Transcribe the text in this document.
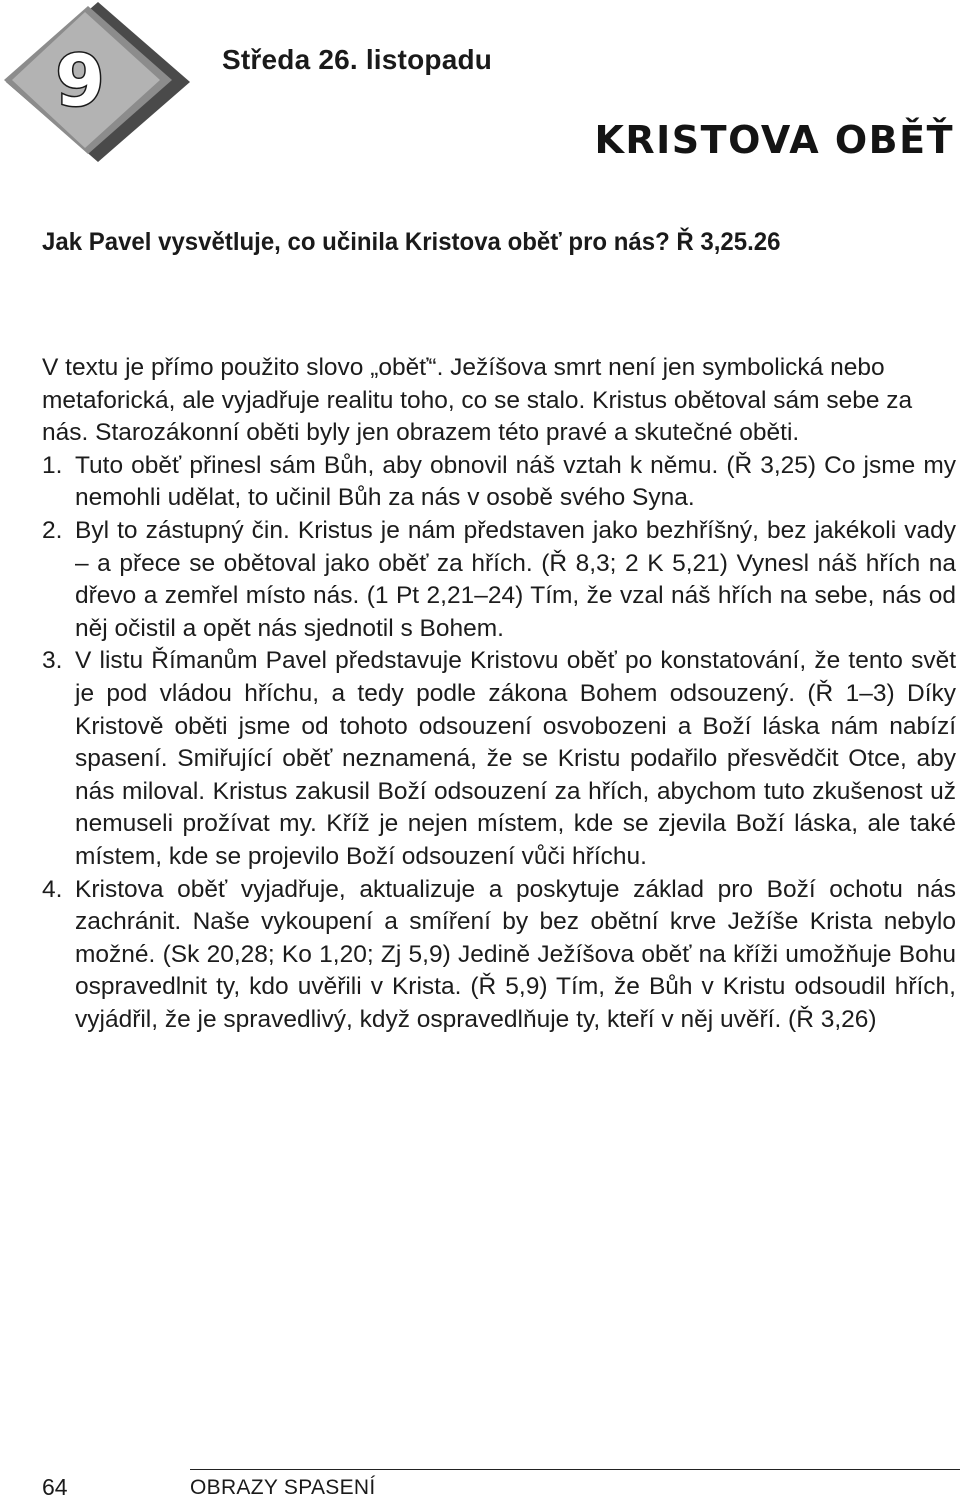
9	Středa 26. listopadu
KRISTOVA OBĚŤ
Jak Pavel vysvětluje, co učinila Kristova oběť pro nás? Ř 3,25.26

V textu je přímo použito slovo „oběť“. Ježíšova smrt není jen symbolická nebo metaforická, ale vyjadřuje realitu toho, co se stalo. Kristus obětoval sám sebe za nás. Starozákonní oběti byly jen obrazem této pravé a skutečné oběti.

1. Tuto oběť přinesl sám Bůh, aby obnovil náš vztah k němu. (Ř 3,25) Co jsme my nemohli udělat, to učinil Bůh za nás v osobě svého Syna.
2. Byl to zástupný čin. Kristus je nám představen jako bezhříšný, bez jakékoli vady – a přece se obětoval jako oběť za hřích. (Ř 8,3; 2 K 5,21) Vynesl náš hřích na dřevo a zemřel místo nás. (1 Pt 2,21–24) Tím, že vzal náš hřích na sebe, nás od něj očistil a opět nás sjednotil s Bohem.
3. V listu Římanům Pavel představuje Kristovu oběť po konstatování, že tento svět je pod vládou hříchu, a tedy podle zákona Bohem odsouzený. (Ř 1–3) Díky Kristově oběti jsme od tohoto odsouzení osvobozeni a Boží láska nám nabízí spasení. Smiřující oběť neznamená, že se Kristu podařilo přesvědčit Otce, aby nás miloval. Kristus zakusil Boží odsouzení za hřích, abychom tuto zkušenost už nemuseli prožívat my. Kříž je nejen místem, kde se zjevila Boží láska, ale také místem, kde se projevilo Boží odsouzení vůči hříchu.
4. Kristova oběť vyjadřuje, aktualizuje a poskytuje základ pro Boží ochotu nás zachránit. Naše vykoupení a smíření by bez obětní krve Ježíše Krista nebylo možné. (Sk 20,28; Ko 1,20; Zj 5,9) Jedině Ježíšova oběť na kříži umožňuje Bohu ospravedlnit ty, kdo uvěřili v Krista. (Ř 5,9) Tím, že Bůh v Kristu odsoudil hřích, vyjádřil, že je spravedlivý, když ospravedlňuje ty, kteří v něj uvěří. (Ř 3,26)
64	OBRAZY SPASENÍ
